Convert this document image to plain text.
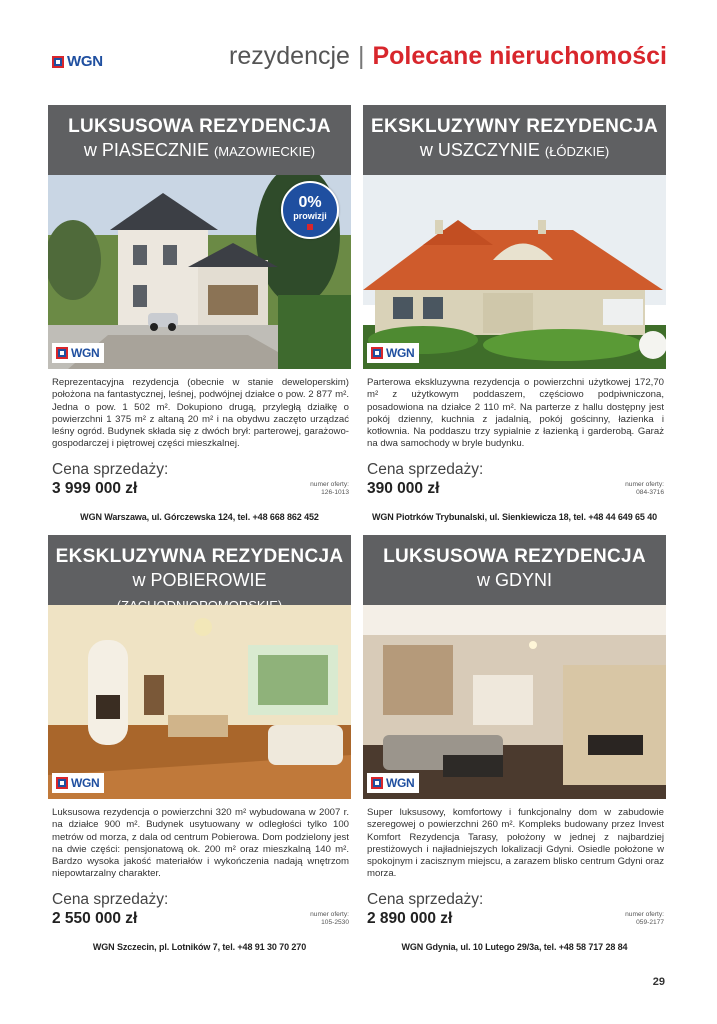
WGN	rezydencje | Polecane nieruchomości
LUKSUSOWA REZYDENCJA
w PIASECZNIE (MAZOWIECKIE)
0%
prowizji
WGN
Reprezentacyjna rezydencja (obecnie w stanie deweloperskim) położona na fantastycznej, leśnej, podwójnej działce o pow. 2 877 m². Jedna o pow. 1 502 m². Dokupiono drugą, przyległą działkę o powierzchni 1 375 m² z altaną 20 m² i na obydwu zaczęto urządzać leśny ogród. Budynek składa się z dwóch brył: parterowej, garażowo-gospodarczej i piętrowej części mieszkalnej.
Cena sprzedaży:
3 999 000 zł	numer oferty:
126-1013
WGN Warszawa, ul. Górczewska 124, tel. +48 668 862 452
EKSKLUZYWNY REZYDENCJA
w USZCZYNIE (ŁÓDZKIE)
WGN
Parterowa ekskluzywna rezydencja o powierzchni użytkowej 172,70 m² z użytkowym poddaszem, częściowo podpiwniczona, posadowiona na działce 2 110 m². Na parterze z hallu dostępny jest pokój dzienny, kuchnia z jadalnią, pokój gościnny, łazienka i kotłownia. Na poddaszu trzy sypialnie z łazienką i garderobą. Garaż na dwa samochody w bryle budynku.
Cena sprzedaży:
390 000 zł	numer oferty:
084-3716
WGN Piotrków Trybunalski, ul. Sienkiewicza 18, tel. +48 44 649 65 40
EKSKLUZYWNA REZYDENCJA
w POBIEROWIE
WGN
Luksusowa rezydencja o powierzchni 320 m² wybudowana w 2007 r. na działce 900 m². Budynek usytuowany w odległości tylko 100 metrów od morza, z dala od centrum Pobierowa. Dom podzielony jest na dwie części: pensjonatową ok. 200 m² oraz mieszkalną 140 m². Bardzo wysoka jakość materiałów i wykończenia nadają wnętrzom niepowtarzalny charakter.
Cena sprzedaży:
2 550 000 zł	numer oferty:
105-2530
WGN Szczecin, pl. Lotników 7, tel. +48 91 30 70 270
LUKSUSOWA REZYDENCJA
w GDYNI
WGN
Super luksusowy, komfortowy i funkcjonalny dom w zabudowie szeregowej o powierzchni 260 m². Kompleks budowany przez Invest Komfort Rezydencja Tarasy, położony w jednej z najbardziej prestiżowych i najładniejszych lokalizacji Gdyni. Osiedle położone w spokojnym i zacisznym miejscu, a zarazem blisko centrum Gdyni oraz morza.
Cena sprzedaży:
2 890 000 zł	numer oferty:
059-2177
WGN Gdynia, ul. 10 Lutego 29/3a, tel. +48 58 717 28 84
29
